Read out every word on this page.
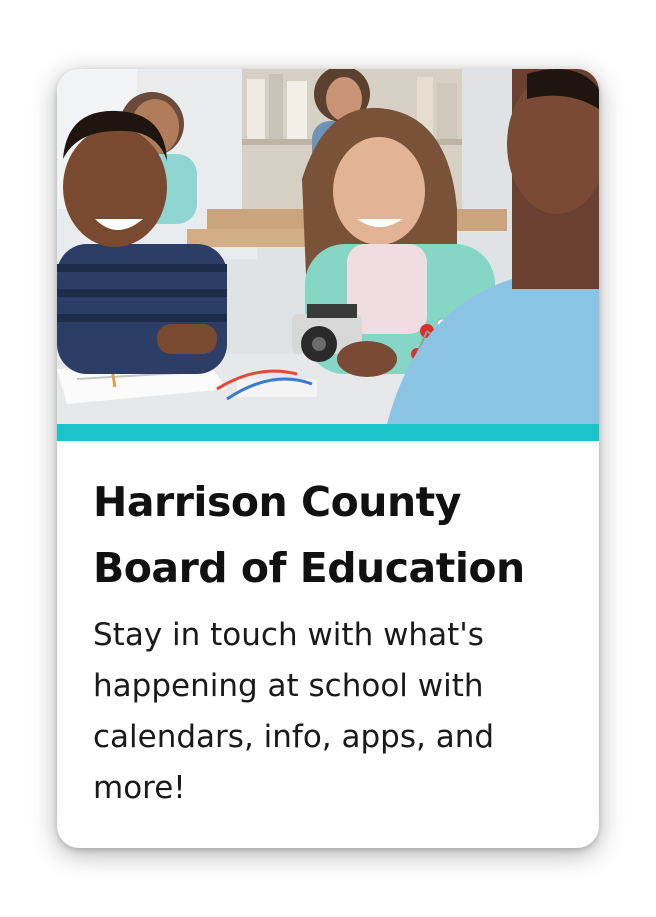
Harrison County Board of Education

Stay in touch with what's happening at school with calendars, info, apps, and more!
